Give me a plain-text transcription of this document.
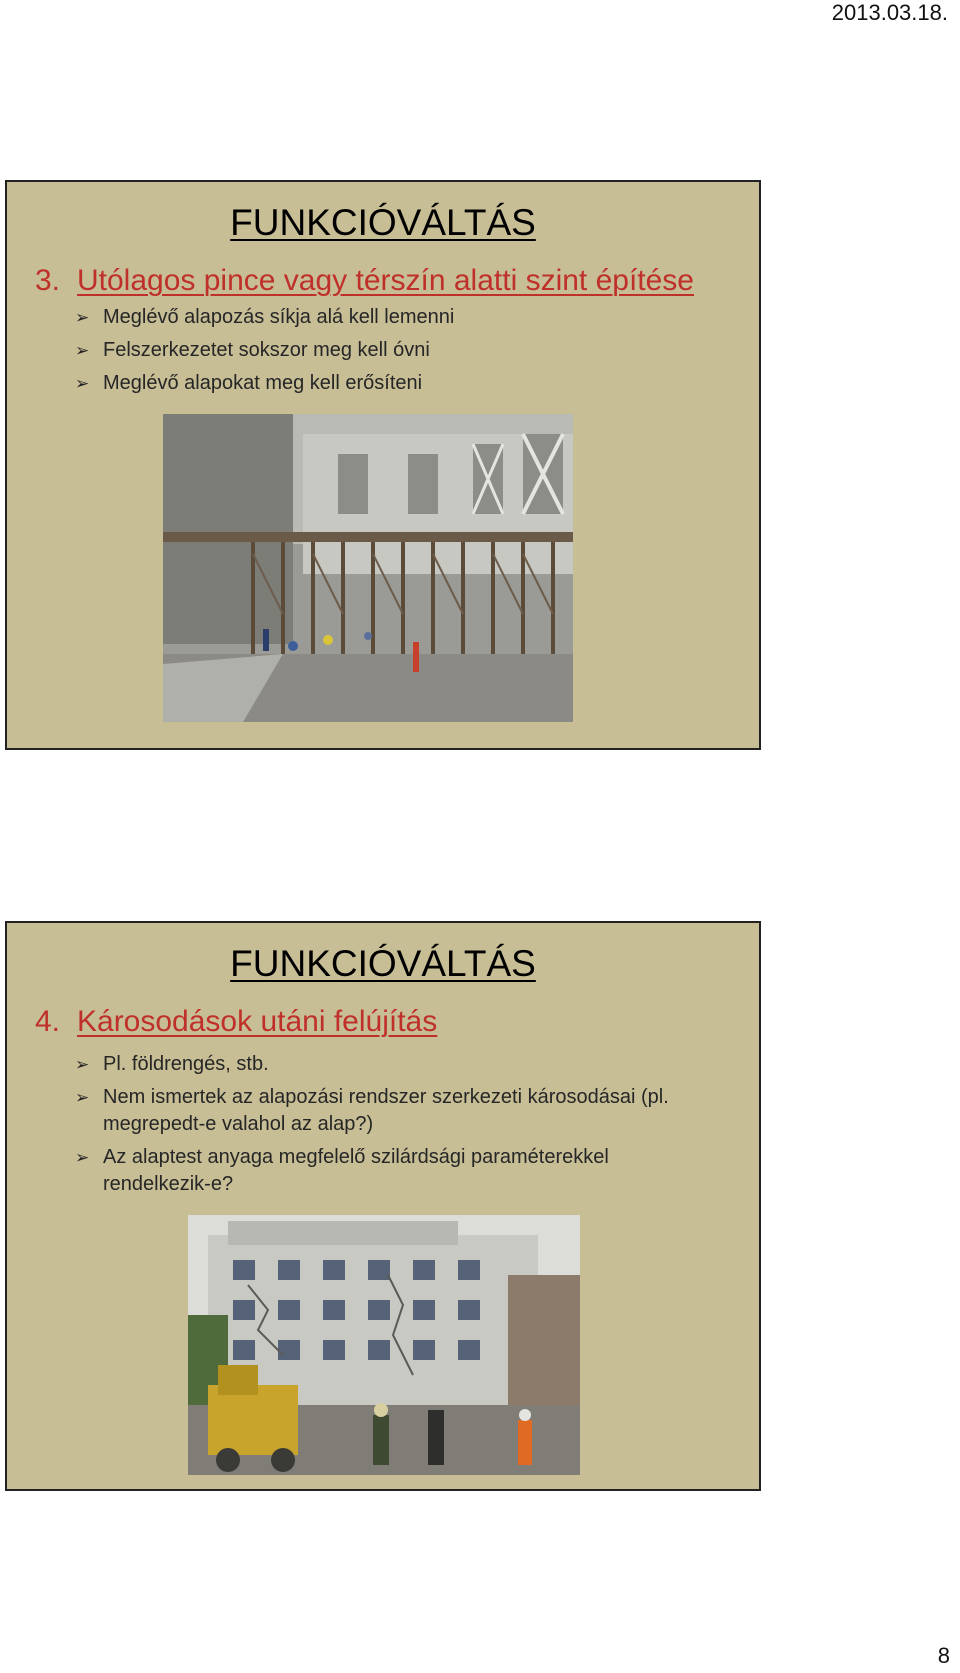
2013.03.18.
FUNKCIÓVÁLTÁS
3. Utólagos pince vagy térszín alatti szint építése
➢ Meglévő alapozás síkja alá kell lemenni
➢ Felszerkezetet sokszor meg kell óvni
➢ Meglévő alapokat meg kell erősíteni
FUNKCIÓVÁLTÁS
4. Károsodások utáni felújítás
➢ Pl. földrengés, stb.
➢ Nem ismertek az alapozási rendszer szerkezeti károsodásai (pl. megrepedt-e valahol az alap?)
➢ Az alaptest anyaga megfelelő szilárdsági paraméterekkel rendelkezik-e?
8
